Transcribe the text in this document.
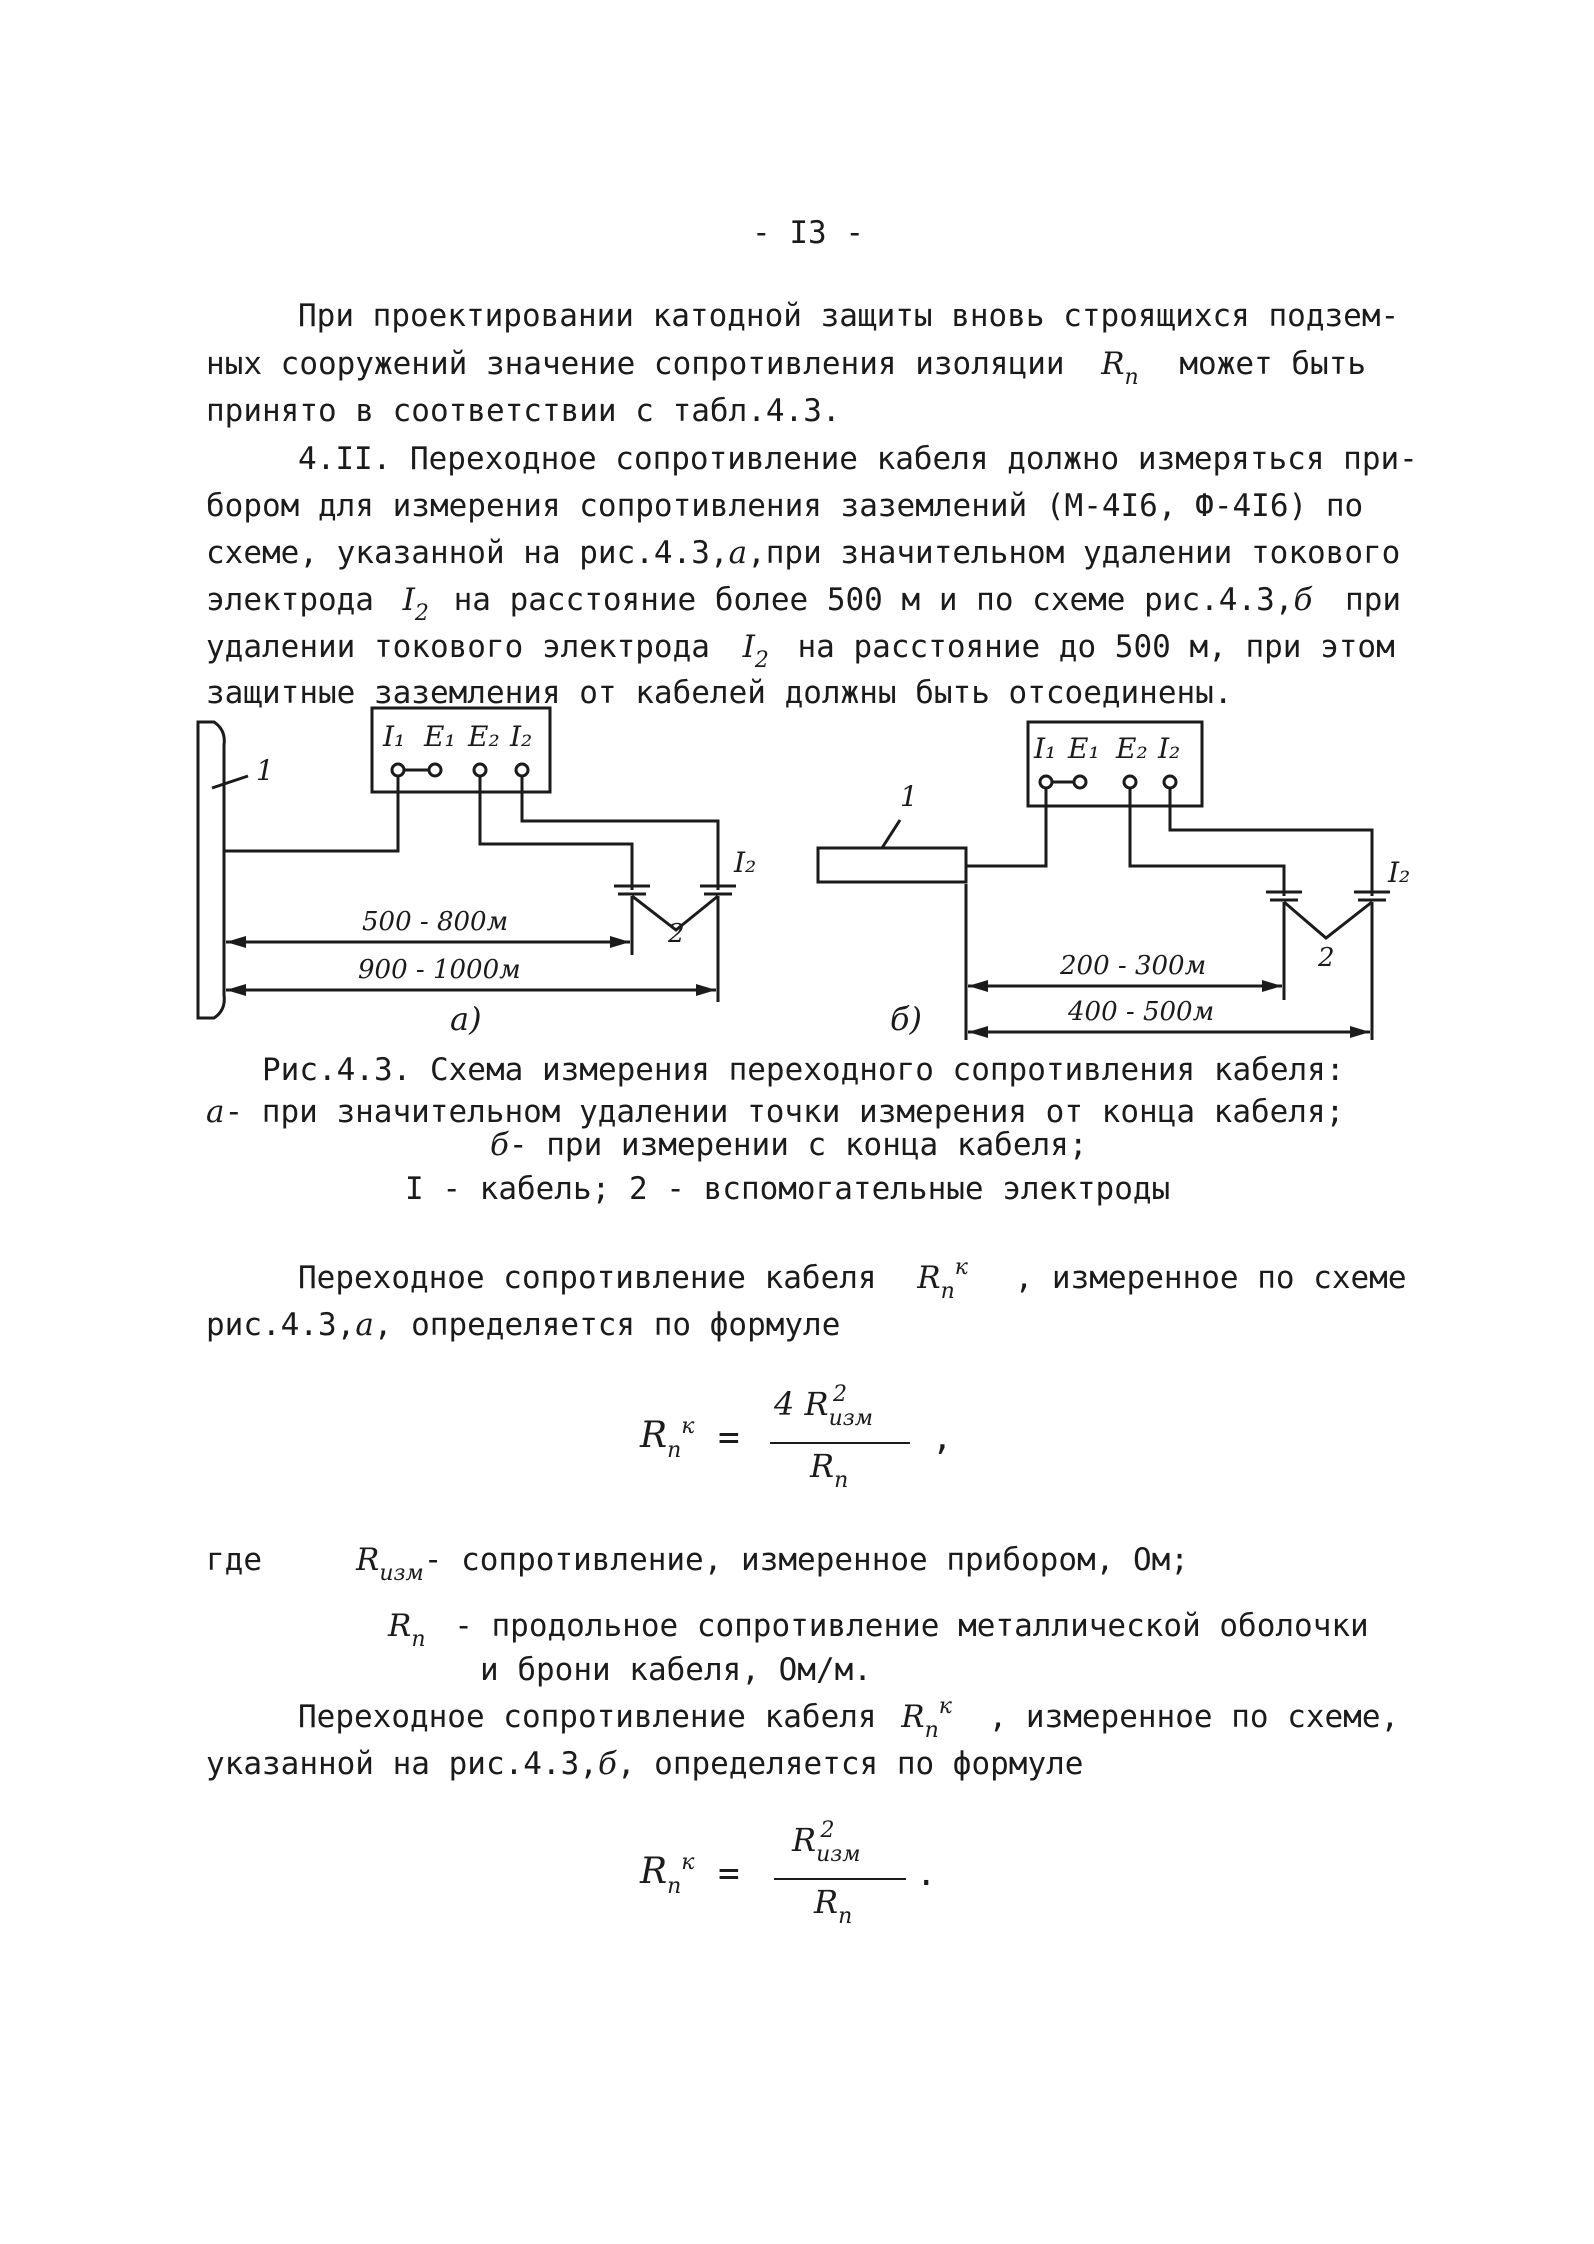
- I3 -
При проектировании катодной защиты вновь строящихся подзем-
ных сооружений значение сопротивления изоляции $R_п$ может быть
принято в соответствии с табл.4.3.
4.II. Переходное сопротивление кабеля должно измеряться при-
бором для измерения сопротивления заземлений (М-4I6, Ф-4I6) по
схеме, указанной на рис.4.3,а,при значительном удалении токового
электрода $I_2$ на расстояние более 500 м и по схеме рис.4.3,б при
удалении токового электрода $I_2$ на расстояние до 500 м, при этом
защитные заземления от кабелей должны быть отсоединены.
I₁ E₁ E₂ I₂
1
I₂
2
500 - 800м
900 - 1000м
а)
I₁ E₁ E₂ I₂
1
I₂
2
200 - 300м
400 - 500м
б)
Рис.4.3. Схема измерения переходного сопротивления кабеля:
а- при значительном удалении точки измерения от конца кабеля;
б- при измерении с конца кабеля;
I - кабель; 2 - вспомогательные электроды
Переходное сопротивление кабеля $R_п^к$ , измеренное по схеме
рис.4.3,а, определяется по формуле
$R_п^к$ =
4 $R_{изм}^2$
$R_п$
,
где	$R_{изм}-$ сопротивление, измеренное прибором, Ом;
$R_п$ - продольное сопротивление металлической оболочки
и брони кабеля, Ом/м.
Переходное сопротивление кабеля $R_п^к$ , измеренное по схеме,
указанной на рис.4.3,б, определяется по формуле
$R_п^к$ =
$R_{изм}^2$
$R_п$
.
